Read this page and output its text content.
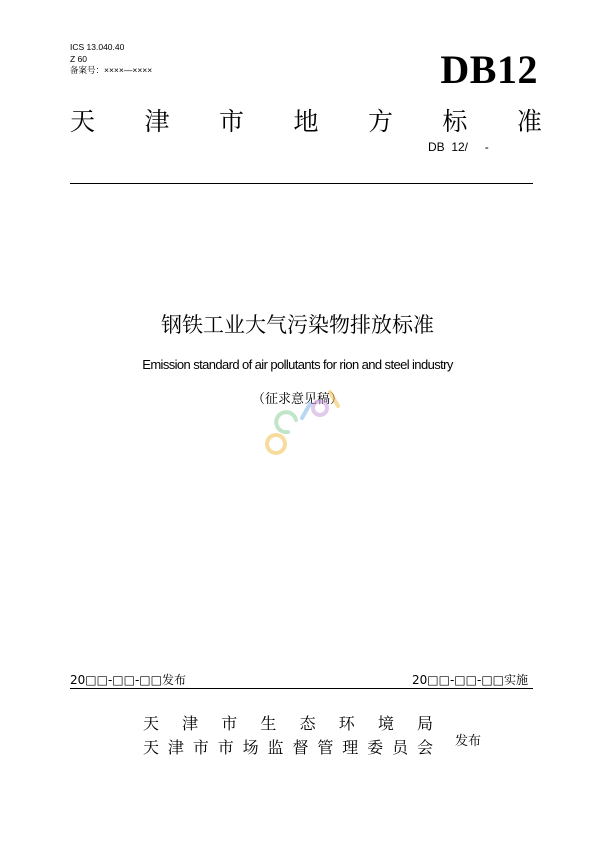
ICS 13.040.40
Z 60
备案号：××××—××××	DB12
天 津 市 地 方 标 准
DB  12/     -
钢铁工业大气污染物排放标准
Emission standard of air pollutants for rion and steel industry
（征求意见稿）
20□□-□□-□□发布	20□□-□□-□□实施
天 津 市 生 态 环 境 局
天 津 市 市 场 监 督 管 理 委 员 会 发布
